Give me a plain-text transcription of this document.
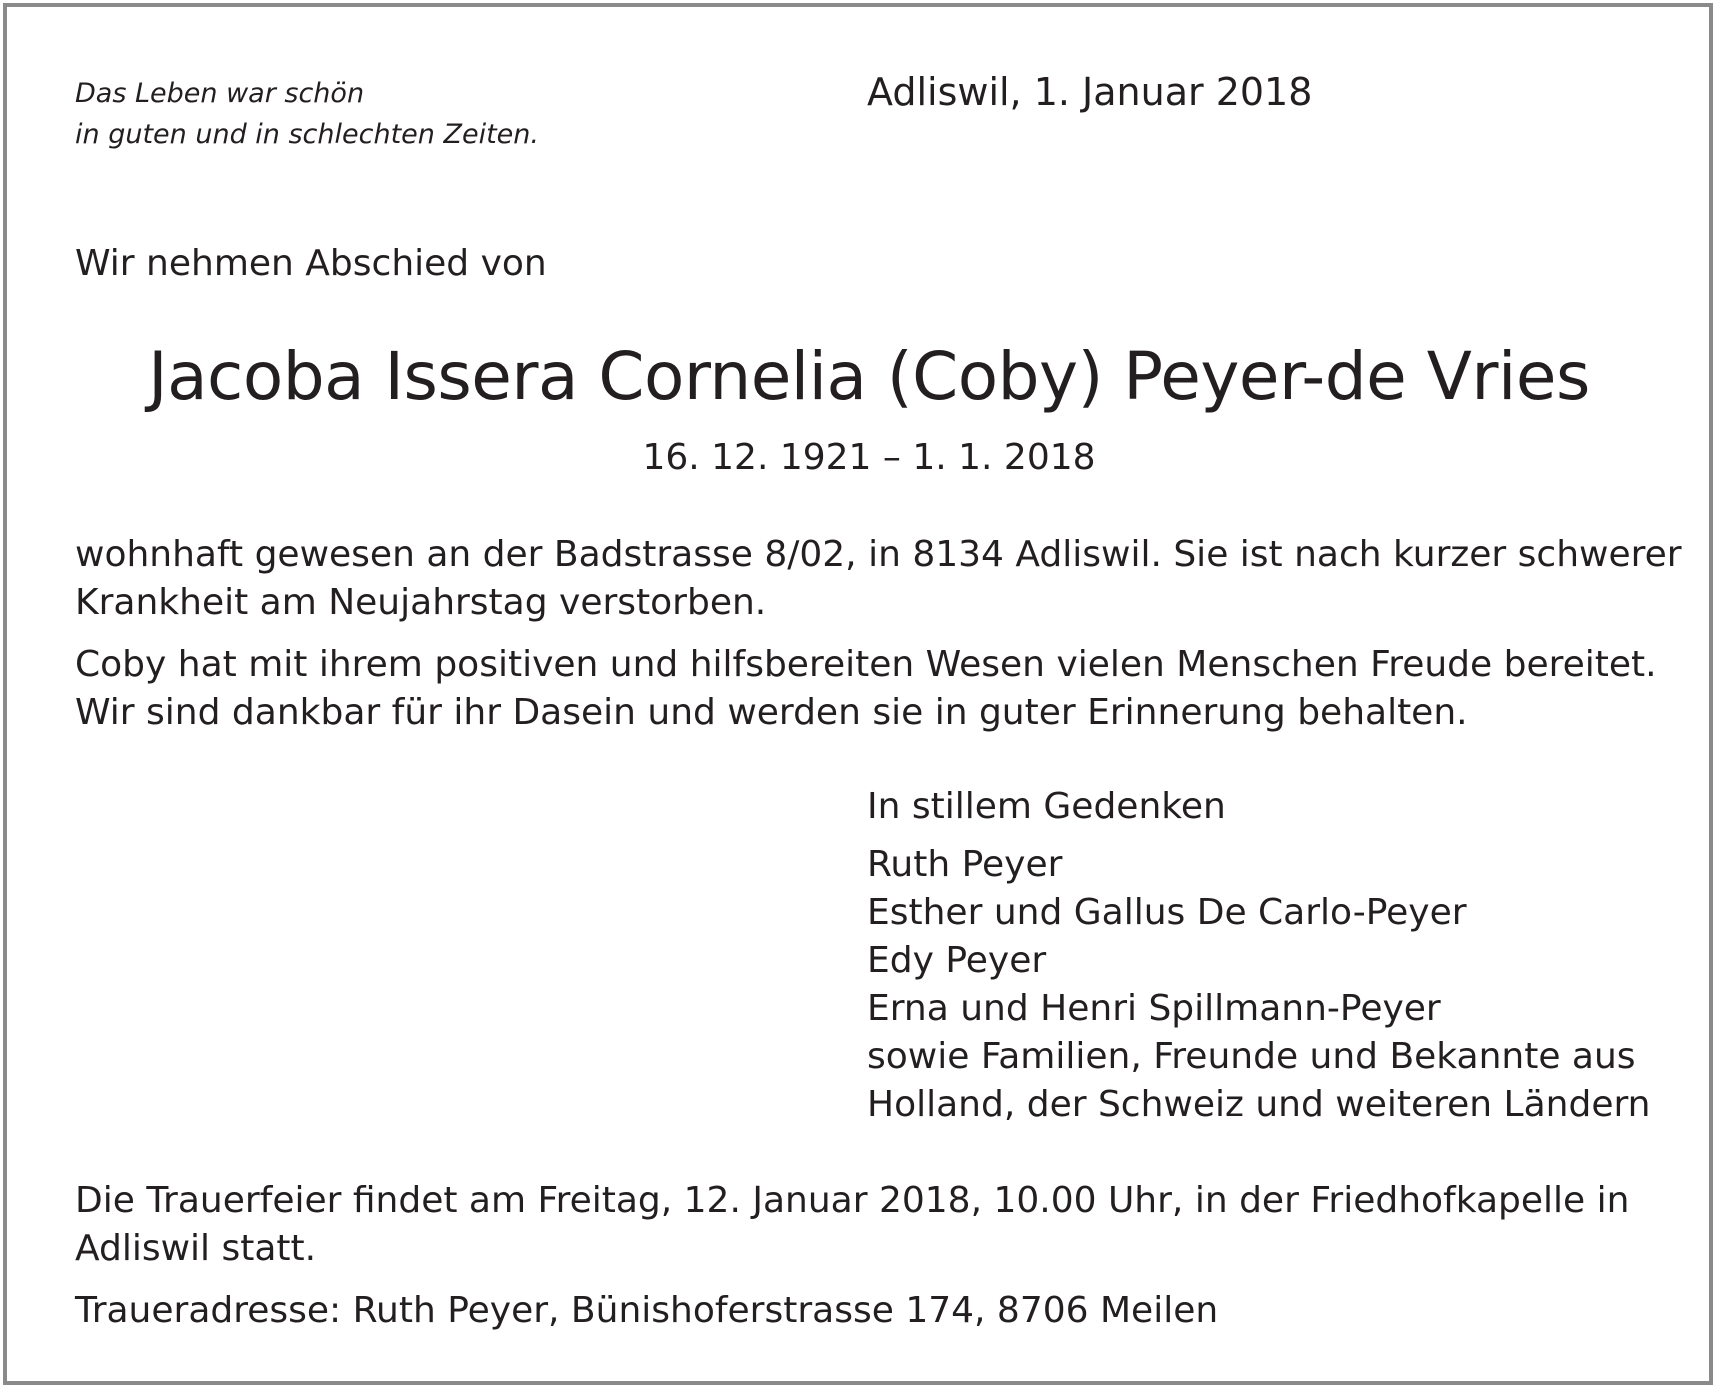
Das Leben war schön
in guten und in schlechten Zeiten.
Adliswil, 1. Januar 2018
Wir nehmen Abschied von
Jacoba Issera Cornelia (Coby) Peyer-de Vries
16. 12. 1921 – 1. 1. 2018
wohnhaft gewesen an der Badstrasse 8/02, in 8134 Adliswil. Sie ist nach kurzer schwerer
Krankheit am Neujahrstag verstorben.
Coby hat mit ihrem positiven und hilfsbereiten Wesen vielen Menschen Freude bereitet.
Wir sind dankbar für ihr Dasein und werden sie in guter Erinnerung behalten.
In stillem Gedenken
Ruth Peyer
Esther und Gallus De Carlo-Peyer
Edy Peyer
Erna und Henri Spillmann-Peyer
sowie Familien, Freunde und Bekannte aus
Holland, der Schweiz und weiteren Ländern
Die Trauerfeier findet am Freitag, 12. Januar 2018, 10.00 Uhr, in der Friedhofkapelle in
Adliswil statt.
Traueradresse: Ruth Peyer, Bünishoferstrasse 174, 8706 Meilen
